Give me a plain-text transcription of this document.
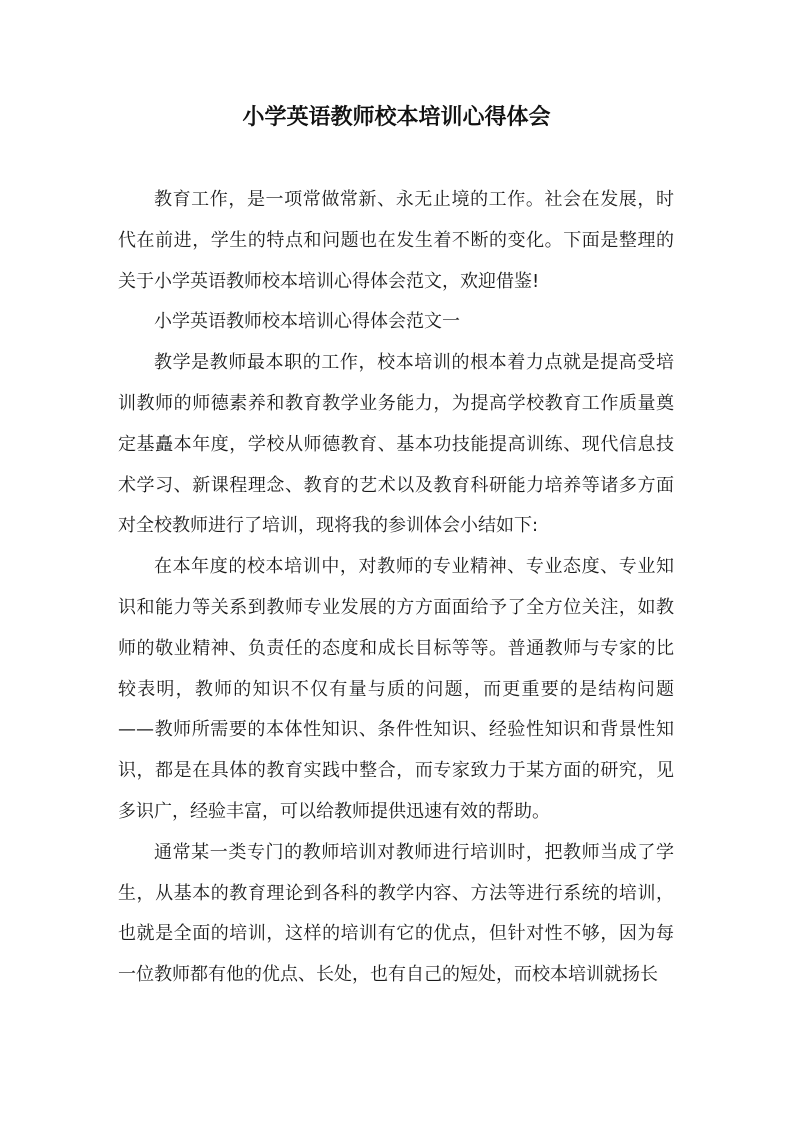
小学英语教师校本培训心得体会

教育工作，是一项常做常新、永无止境的工作。社会在发展，时代在前进，学生的特点和问题也在发生着不断的变化。下面是整理的关于小学英语教师校本培训心得体会范文，欢迎借鉴!

小学英语教师校本培训心得体会范文一

教学是教师最本职的工作，校本培训的根本着力点就是提高受培训教师的师德素养和教育教学业务能力，为提高学校教育工作质量奠定基矗本年度，学校从师德教育、基本功技能提高训练、现代信息技术学习、新课程理念、教育的艺术以及教育科研能力培养等诸多方面对全校教师进行了培训，现将我的参训体会小结如下:

在本年度的校本培训中，对教师的专业精神、专业态度、专业知识和能力等关系到教师专业发展的方方面面给予了全方位关注，如教师的敬业精神、负责任的态度和成长目标等等。普通教师与专家的比较表明，教师的知识不仅有量与质的问题，而更重要的是结构问题——教师所需要的本体性知识、条件性知识、经验性知识和背景性知识，都是在具体的教育实践中整合，而专家致力于某方面的研究，见多识广，经验丰富，可以给教师提供迅速有效的帮助。

通常某一类专门的教师培训对教师进行培训时，把教师当成了学生，从基本的教育理论到各科的教学内容、方法等进行系统的培训，也就是全面的培训，这样的培训有它的优点，但针对性不够，因为每一位教师都有他的优点、长处，也有自己的短处，而校本培训就扬长
